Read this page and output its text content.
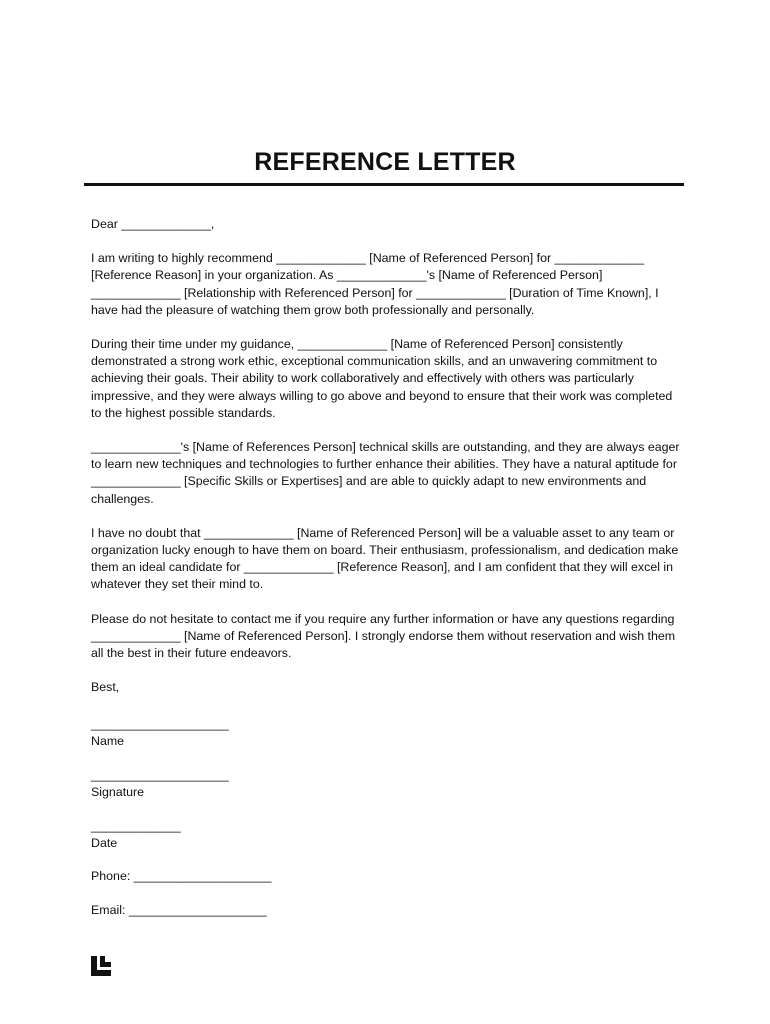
REFERENCE LETTER

Dear _____________,

I am writing to highly recommend _____________ [Name of Referenced Person] for _____________ [Reference Reason] in your organization. As _____________'s [Name of Referenced Person] _____________ [Relationship with Referenced Person] for _____________ [Duration of Time Known], I have had the pleasure of watching them grow both professionally and personally.

During their time under my guidance, _____________ [Name of Referenced Person] consistently demonstrated a strong work ethic, exceptional communication skills, and an unwavering commitment to achieving their goals. Their ability to work collaboratively and effectively with others was particularly impressive, and they were always willing to go above and beyond to ensure that their work was completed to the highest possible standards.

_____________'s [Name of References Person] technical skills are outstanding, and they are always eager to learn new techniques and technologies to further enhance their abilities. They have a natural aptitude for _____________ [Specific Skills or Expertises] and are able to quickly adapt to new environments and challenges.

I have no doubt that _____________ [Name of Referenced Person] will be a valuable asset to any team or organization lucky enough to have them on board. Their enthusiasm, professionalism, and dedication make them an ideal candidate for _____________ [Reference Reason], and I am confident that they will excel in whatever they set their mind to.

Please do not hesitate to contact me if you require any further information or have any questions regarding _____________ [Name of Referenced Person]. I strongly endorse them without reservation and wish them all the best in their future endeavors.

Best,

____________________
Name
____________________
Signature
_____________
Date
Phone: ____________________
Email: ____________________
